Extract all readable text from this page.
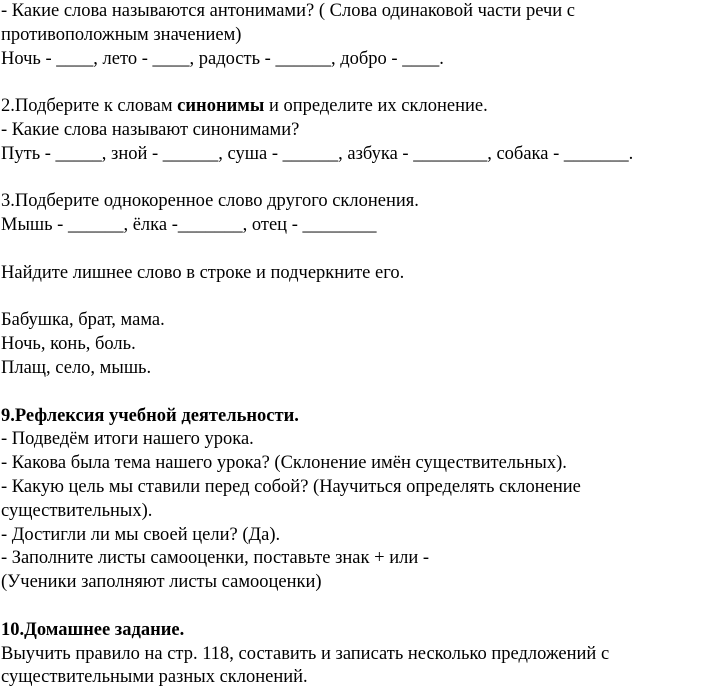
- Какие слова называются антонимами? ( Слова одинаковой части речи с
противоположным значением)
Ночь - ____, лето - ____, радость - ______, добро - ____.
2.Подберите к словам синонимы и определите их склонение.
- Какие слова называют синонимами?
Путь - _____, зной - ______, суша - ______, азбука - ________, собака - _______.
3.Подберите однокоренное слово другого склонения.
Мышь - ______, ёлка -_______, отец - ________
Найдите лишнее слово в строке и подчеркните его.
Бабушка, брат, мама.
Ночь, конь, боль.
Плащ, село, мышь.
9.Рефлексия учебной деятельности.
- Подведём итоги нашего урока.
- Какова была тема нашего урока? (Склонение имён существительных).
- Какую цель мы ставили перед собой? (Научиться определять склонение
существительных).
- Достигли ли мы своей цели? (Да).
- Заполните листы самооценки, поставьте знак + или -
(Ученики заполняют листы самооценки)
10.Домашнее задание.
Выучить правило на стр. 118, составить и записать несколько предложений с
существительными разных склонений.
